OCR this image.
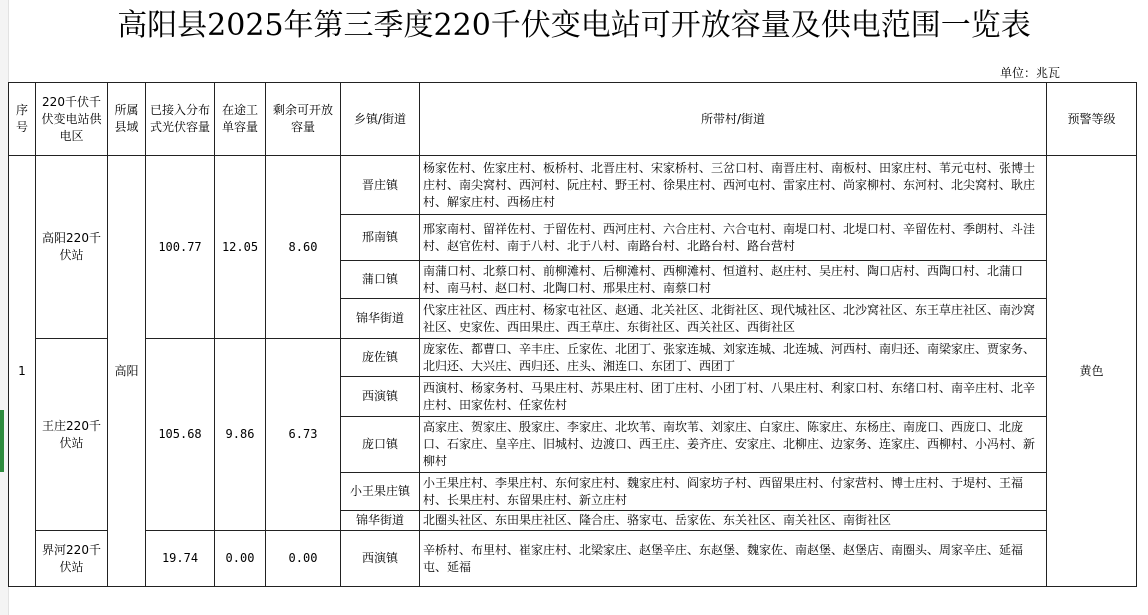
高阳县2025年第三季度220千伏变电站可开放容量及供电范围一览表
单位：兆瓦
序号	220千伏千伏变电站供电区	所属县域	已接入分布式光伏容量	在途工单容量	剩余可开放容量	乡镇/街道	所带村/街道	预警等级
1	高阳220千伏站	高阳	100.77	12.05	8.60	晋庄镇	杨家佐村、佐家庄村、板桥村、北晋庄村、宋家桥村、三岔口村、南晋庄村、南板村、田家庄村、苇元屯村、张博士庄村、南尖窝村、西河村、阮庄村、野王村、徐果庄村、西河屯村、雷家庄村、尚家柳村、东河村、北尖窝村、耿庄村、解家庄村、西杨庄村	黄色
						邢南镇	邢家南村、留祥佐村、于留佐村、西河庄村、六合庄村、六合屯村、南堤口村、北堤口村、辛留佐村、季朗村、斗洼村、赵官佐村、南于八村、北于八村、南路台村、北路台村、路台营村	
						蒲口镇	南蒲口村、北蔡口村、前柳滩村、后柳滩村、西柳滩村、恒道村、赵庄村、吴庄村、陶口店村、西陶口村、北蒲口村、南马村、赵口村、北陶口村、邢果庄村、南蔡口村	
						锦华街道	代家庄社区、西庄村、杨家屯社区、赵通、北关社区、北街社区、现代城社区、北沙窝社区、东王草庄社区、南沙窝社区、史家佐、西田果庄、西王草庄、东街社区、西关社区、西街社区	
	王庄220千伏站		105.68	9.86	6.73	庞佐镇	庞家佐、都曹口、辛丰庄、丘家佐、北团丁、张家连城、刘家连城、北连城、河西村、南归还、南梁家庄、贾家务、北归还、大兴庄、西归还、庄头、湘连口、东团丁、西团丁	
						西演镇	西演村、杨家务村、马果庄村、苏果庄村、团丁庄村、小团丁村、八果庄村、利家口村、东绪口村、南辛庄村、北辛庄村、田家佐村、任家佐村	
						庞口镇	高家庄、贺家庄、殷家庄、李家庄、北坎苇、南坎苇、刘家庄、白家庄、陈家庄、东杨庄、南庞口、西庞口、北庞口、石家庄、皇辛庄、旧城村、边渡口、西王庄、姜齐庄、安家庄、北柳庄、边家务、连家庄、西柳村、小冯村、新柳村	
						小王果庄镇	小王果庄村、李果庄村、东何家庄村、魏家庄村、阎家坊子村、西留果庄村、付家营村、博士庄村、于堤村、王福村、长果庄村、东留果庄村、新立庄村	
						锦华街道	北圈头社区、东田果庄社区、隆合庄、骆家屯、岳家佐、东关社区、南关社区、南街社区	
	界河220千伏站		19.74	0.00	0.00	西演镇	辛桥村、布里村、崔家庄村、北梁家庄、赵堡辛庄、东赵堡、魏家佐、南赵堡、赵堡店、南圈头、周家辛庄、延福屯、延福	
